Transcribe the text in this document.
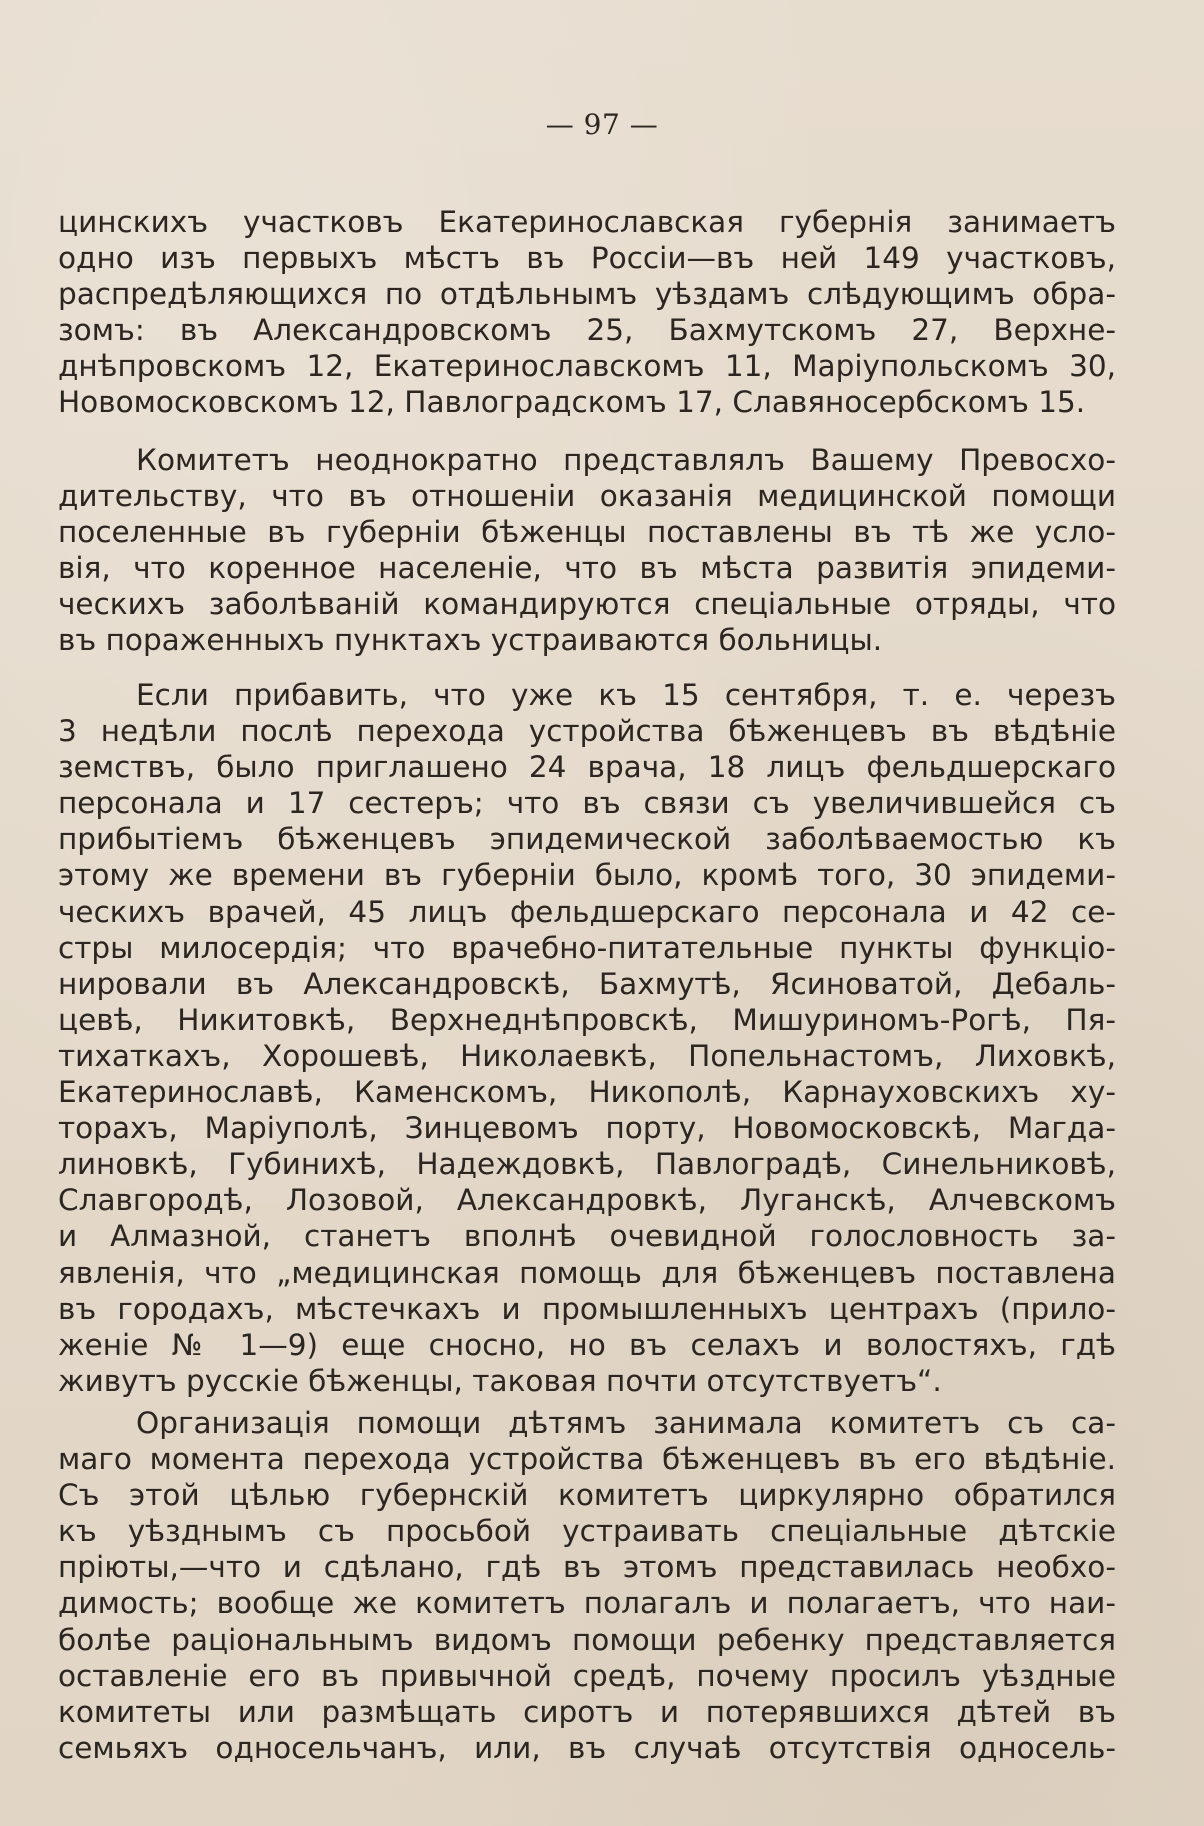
— 97 —
цинскихъ участковъ Екатеринославская губернія занимаетъ
одно изъ первыхъ мѣстъ въ Россіи—въ ней 149 участковъ,
распредѣляющихся по отдѣльнымъ уѣздамъ слѣдующимъ обра-
зомъ: въ Александровскомъ 25, Бахмутскомъ 27, Верхне-
днѣпровскомъ 12, Екатеринославскомъ 11, Маріупольскомъ 30,
Новомосковскомъ 12, Павлоградскомъ 17, Славяносербскомъ 15.
Комитетъ неоднократно представлялъ Вашему Превосхо-
дительству, что въ отношеніи оказанія медицинской помощи
поселенные въ губерніи бѣженцы поставлены въ тѣ же усло-
вія, что коренное населеніе, что въ мѣста развитія эпидеми-
ческихъ заболѣваній командируются спеціальные отряды, что
въ пораженныхъ пунктахъ устраиваются больницы.
Если прибавить, что уже къ 15 сентября, т. е. черезъ
3 недѣли послѣ перехода устройства бѣженцевъ въ вѣдѣніе
земствъ, было приглашено 24 врача, 18 лицъ фельдшерскаго
персонала и 17 сестеръ; что въ связи съ увеличившейся съ
прибытіемъ бѣженцевъ эпидемической заболѣваемостью къ
этому же времени въ губерніи было, кромѣ того, 30 эпидеми-
ческихъ врачей, 45 лицъ фельдшерскаго персонала и 42 се-
стры милосердія; что врачебно-питательные пункты функціо-
нировали въ Александровскѣ, Бахмутѣ, Ясиноватой, Дебаль-
цевѣ, Никитовкѣ, Верхнеднѣпровскѣ, Мишуриномъ-Рогѣ, Пя-
тихаткахъ, Хорошевѣ, Николаевкѣ, Попельнастомъ, Лиховкѣ,
Екатеринославѣ, Каменскомъ, Никополѣ, Карнауховскихъ ху-
торахъ, Маріуполѣ, Зинцевомъ порту, Новомосковскѣ, Магда-
линовкѣ, Губинихѣ, Надеждовкѣ, Павлоградѣ, Синельниковѣ,
Славгородѣ, Лозовой, Александровкѣ, Луганскѣ, Алчевскомъ
и Алмазной, станетъ вполнѣ очевидной голословность за-
явленія, что „медицинская помощь для бѣженцевъ поставлена
въ городахъ, мѣстечкахъ и промышленныхъ центрахъ (прило-
женіе № 1—9) еще сносно, но въ селахъ и волостяхъ, гдѣ
живутъ русскіе бѣженцы, таковая почти отсутствуетъ“.
Организація помощи дѣтямъ занимала комитетъ съ са-
маго момента перехода устройства бѣженцевъ въ его вѣдѣніе.
Съ этой цѣлью губернскій комитетъ циркулярно обратился
къ уѣзднымъ съ просьбой устраивать спеціальные дѣтскіе
пріюты,—что и сдѣлано, гдѣ въ этомъ представилась необхо-
димость; вообще же комитетъ полагалъ и полагаетъ, что наи-
болѣе раціональнымъ видомъ помощи ребенку представляется
оставленіе его въ привычной средѣ, почему просилъ уѣздные
комитеты или размѣщать сиротъ и потерявшихся дѣтей въ
семьяхъ односельчанъ, или, въ случаѣ отсутствія односель-
